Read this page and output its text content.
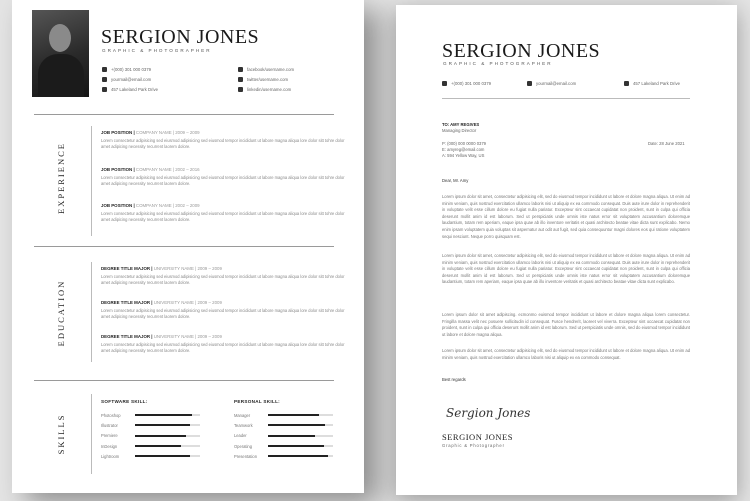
SERGION JONES
GRAPHIC & PHOTOGRAPHER
+(000) 301 000 0379
yourmail@email.com
457 Lakeland Park Drive
facebook/username.com
twitter/username.com
linkedin/username.com
EXPERIENCE
JOB POSITION | COMPANY NAME | 2009 – 2009
Lorem consectetur adipisicing sed eiusmod adipisicing sed eiusmod tempor incididunt ut labore magna aliqua lore dolor sitt tohre dolor amet adipicing necessity recurrent laorem dolore.
JOB POSITION | COMPANY NAME | 2002 – 2016
Lorem consectetur adipisicing sed eiusmod adipisicing sed eiusmod tempor incididunt ut labore magna aliqua lore dolor sitt tohre dolor amet adipicing necessity recurrent laorem dolore.
JOB POSITION | COMPANY NAME | 2002 – 2009
Lorem consectetur adipisicing sed eiusmod adipisicing sed eiusmod tempor incididunt ut labore magna aliqua lore dolor sitt tohre dolor amet adipicing necessity recurrent laorem dolore.
EDUCATION
DEGREE TITLE MAJOR | UNIVERSITY NAME | 2009 – 2009
Lorem consectetur adipisicing sed eiusmod adipisicing sed eiusmod tempor incididunt ut labore magna aliqua lore dolor sitt tohre dolor amet adipicing necessity recurrent laorem dolore.
DEGREE TITLE MAJOR | UNIVERSITY NAME | 2009 – 2009
Lorem consectetur adipisicing sed eiusmod adipisicing sed eiusmod tempor incididunt ut labore magna aliqua lore dolor sitt tohre dolor amet adipicing necessity recurrent laorem dolore.
DEGREE TITLE MAJOR | UNIVERSITY NAME | 2009 – 2009
Lorem consectetur adipisicing sed eiusmod adipisicing sed eiusmod tempor incididunt ut labore magna aliqua lore dolor sitt tohre dolor amet adipicing necessity recurrent laorem dolore.
SKILLS
SOFTWARE SKILL:
Photoshop
Illustrator
Premiere
InDesign
Lightroom
PERSONAL SKILL:
Manager
Teamwork
Leader
Operating
Presentation
SERGION JONES
GRAPHIC & PHOTOGRAPHER
+(000) 301 000 0379	yourmail@email.com	457 Lakeland Park Drive
TO: AMY REGIVES
Managing Director
Date: 28 June 2021
P: (000) 000 0000 0379
E: amyreg@email.com
A: 594 Yellow Way, US
Dear, Mr. Amy
Lorem ipsum dolor sit amet, consectetur adipisicing elit, sed do eiusmod tempor incididunt ut labore et dolore magna aliqua. Ut enim ad minim veniam, quis nostrud exercitation ullamco laboris nisi ut aliquip ex ea commodo consequat. Duis aute irure dolor in reprehenderit in voluptate velit esse cillum dolore eu fugiat nulla pariatur. Excepteur sint occaecat cupidatat non proident, sunt in culpa qui officia deserunt mollit anim id est laborum. Sed ut perspiciatis unde omnis iste natus error sit voluptatem accusantium doloremque laudantium, totam rem aperiam, eaque ipsa quae ab illo inventore veritatis et quasi architecto beatae vitae dicta sunt explicabo. Nemo enim ipsam voluptatem quia voluptas sit aspernatur aut odit aut fugit, sed quia consequuntur magni dolores eos qui ratione voluptatem sequi nesciunt. Neque porro quisquam est.
Lorem ipsum dolor sit amet, consectetur adipisicing elit, sed do eiusmod tempor incididunt ut labore et dolore magna aliqua. Ut enim ad minim veniam, quis nostrud exercitation ullamco laboris nisi ut aliquip ex ea commodo consequat. Duis aute irure dolor in reprehenderit in voluptate velit esse cillum dolore eu fugiat nulla pariatur. Excepteur sint occaecat cupidatat non proident, sunt in culpa qui officia deserunt mollit anim id est laborum. Sed ut perspiciatis unde omnis iste natus error sit voluptatem accusantium doloremque laudantium, totam rem aperiam, eaque ipsa quae ab illo inventore veritatis et quasi architecto beatae vitae dicta sunt explicabo.
Lorem ipsum dolor sit amet adipiscing. ecmonmo euismod tempor incididunt ut labore et dolore magna aliqua lorem consectetur. Fringilla massa velit nec posuere sollicitudin id consequat. Fusce hendrerit, laoreet vel viverra. Excepteur sint occaecat cupidatat non proident, sunt in culpa qui officia deserunt mollit anim id est laborum. Sed ut perspiciatis unde omnis, sed do eiusmod tempor incididunt ut labore et dolore magna aliqua.
Lorem ipsum dolor sit amet, consectetur adipisicing elit, sed do eiusmod tempor incididunt ut labore et dolore magna aliqua. Ut enim ad minim veniam, quis nostrud exercitation ullamco laboris nisi ut aliquip ex ea commodo consequat.
Best regards
Sergion Jones
SERGION JONES
Graphic & Photographer
